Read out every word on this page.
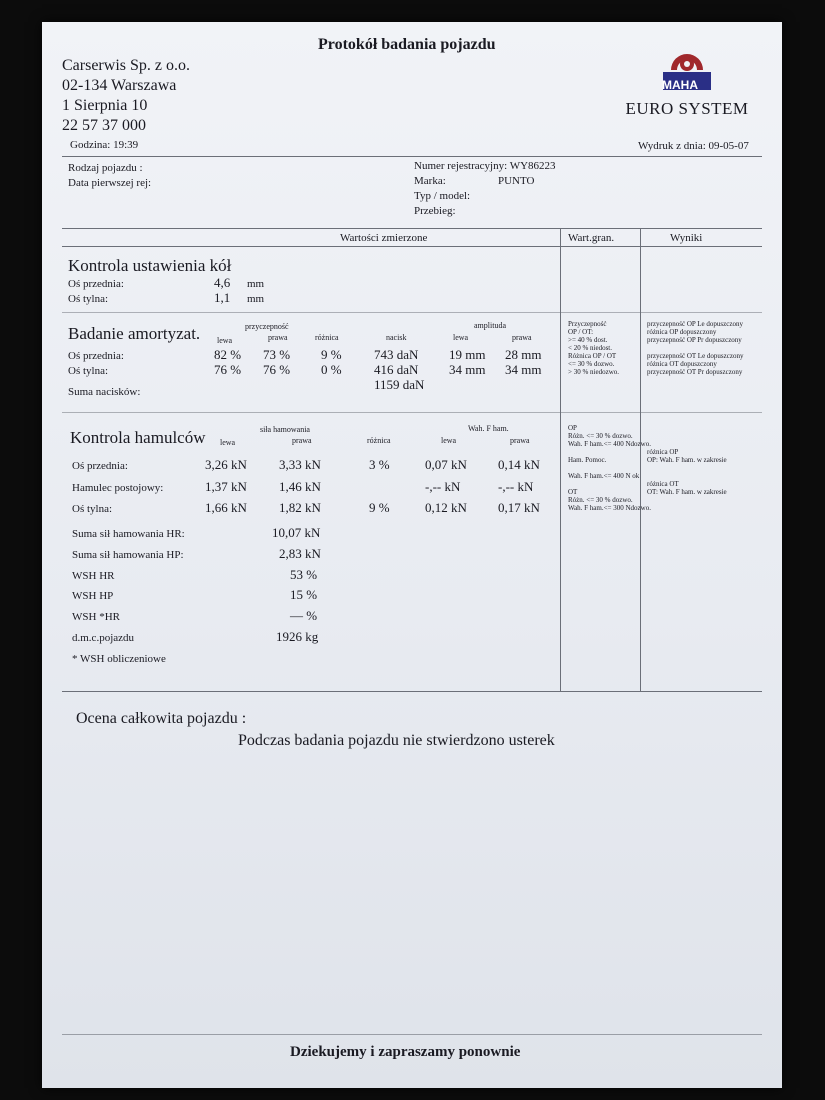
Protokół badania pojazdu
Carserwis Sp. z o.o.
02-134 Warszawa
1 Sierpnia 10
22 57 37 000
Godzina: 19:39
MAHA
EURO SYSTEM
Wydruk z dnia: 09-05-07
Rodzaj pojazdu :
Data pierwszej rej:
Numer rejestracyjny: WY86223
Marka:	PUNTO
Typ / model:
Przebieg:
Wartości zmierzone	Wart.gran.	Wyniki
Kontrola ustawienia kół
Oś przednia:	4,6 mm
Oś tylna:	1,1 mm
Badanie amortyzat. lewa
przyczepność
prawa	różnica	nacisk
amplituda
lewa	prawa
Oś przednia:	82 % 73 % 9 % 743 daN 19 mm 28 mm
Oś tylna:	76 % 76 % 0 % 416 daN 34 mm 34 mm
Suma nacisków:	1159 daN
Przyczepność
OP / OT:
>= 40 % dost.
< 20 % niedost.
Różnica OP / OT
<= 30 % dozwo.
> 30 % niedozwo.
przyczepność OP Le dopuszczony
różnica OP dopuszczony
przyczepność OP Pr dopuszczony
przyczepność OT Le dopuszczony
różnica OT dopuszczony
przyczepność OT Pr dopuszczony
Kontrola hamulców lewa
siła hamowania
prawa	różnica
Wah. F ham.
lewa	prawa
Oś przednia:	3,26 kN 3,33 kN	3 %	0,07 kN 0,14 kN
Hamulec postojowy:	1,37 kN 1,46 kN	-,-- kN	-,-- kN
Oś tylna:	1,66 kN 1,82 kN	9 %	0,12 kN 0,17 kN
Suma sił hamowania HR:	10,07 kN
Suma sił hamowania HP:	2,83 kN
WSH HR	53 %
WSH HP	15 %
WSH *HR	— %
d.m.c.pojazdu	1926 kg
* WSH obliczeniowe
OP
Różn. <= 30 % dozwo.
Wah. F ham.<= 400 Ndozwo.
Ham. Pomoc.
Wah. F ham.<= 400 N ok
OT
Różn. <= 30 % dozwo.
Wah. F ham.<= 300 Ndozwo.
różnica OP
OP: Wah. F ham. w zakresie
różnica OT
OT: Wah. F ham. w zakresie
Ocena całkowita pojazdu :
Podczas badania pojazdu nie stwierdzono usterek
Dziekujemy i zapraszamy ponownie
